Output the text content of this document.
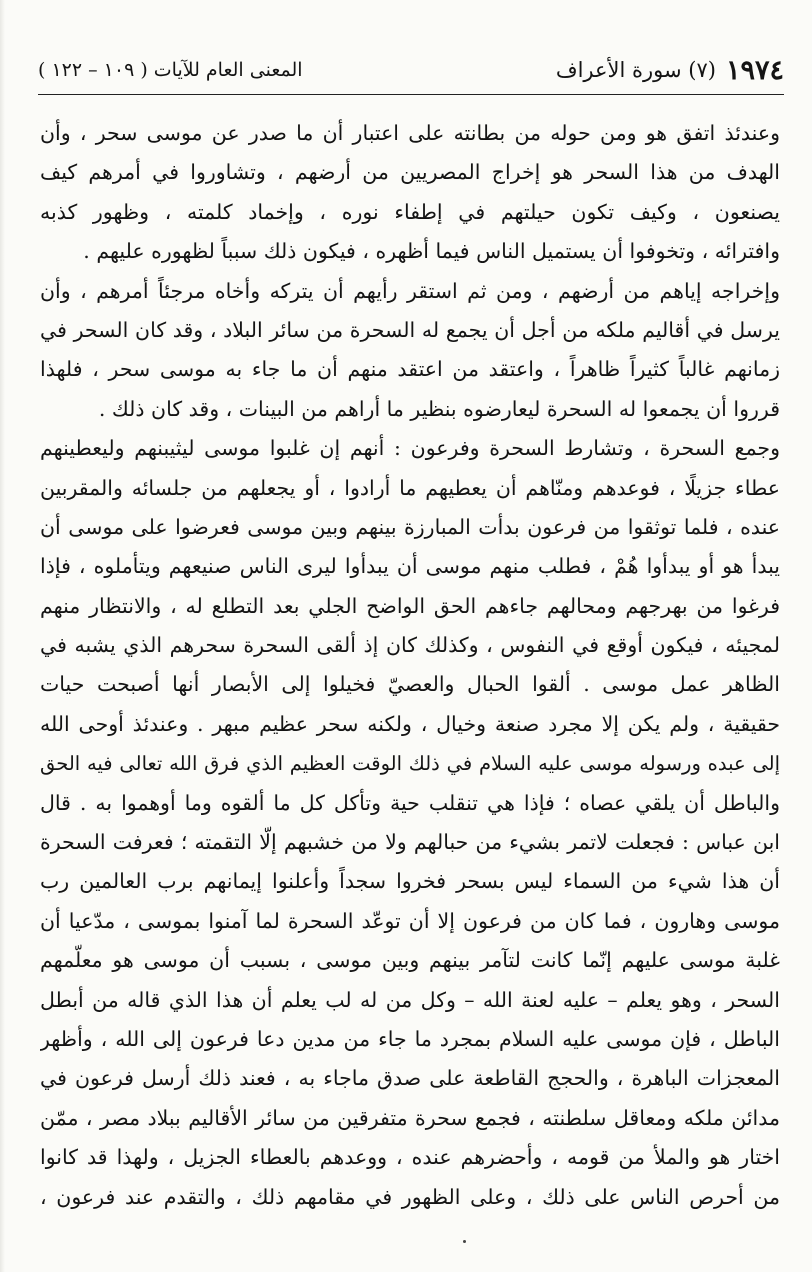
١٩٧٤
(٧) سورة الأعراف
المعنى العام للآيات ( ١٠٩ – ١٢٢ )
وعندئذ اتفق هو ومن حوله من بطانته على اعتبار أن ما صدر عن موسى سحر ، وأن
الهدف من هذا السحر هو إخراج المصريين من أرضهم ، وتشاوروا في أمرهم كيف
يصنعون ، وكيف تكون حيلتهم في إطفاء نوره ، وإخماد كلمته ، وظهور كذبه
وافترائه ، وتخوفوا أن يستميل الناس فيما أظهره ، فيكون ذلك سبباً لظهوره عليهم .
وإخراجه إياهم من أرضهم ، ومن ثم استقر رأيهم أن يتركه وأخاه مرجئاً أمرهم ، وأن
يرسل في أقاليم ملكه من أجل أن يجمع له السحرة من سائر البلاد ، وقد كان السحر في
زمانهم غالباً كثيراً ظاهراً ، واعتقد من اعتقد منهم أن ما جاء به موسى سحر ، فلهذا
قرروا أن يجمعوا له السحرة ليعارضوه بنظير ما أراهم من البينات ، وقد كان ذلك .
وجمع السحرة ، وتشارط السحرة وفرعون : أنهم إن غلبوا موسى ليثيبنهم وليعطينهم
عطاء جزيلًا ، فوعدهم ومنّاهم أن يعطيهم ما أرادوا ، أو يجعلهم من جلسائه والمقربين
عنده ، فلما توثقوا من فرعون بدأت المبارزة بينهم وبين موسى فعرضوا على موسى أن
يبدأ هو أو يبدأوا هُمْ ، فطلب منهم موسى أن يبدأوا ليرى الناس صنيعهم ويتأملوه ، فإذا
فرغوا من بهرجهم ومحالهم جاءهم الحق الواضح الجلي بعد التطلع له ، والانتظار منهم
لمجيئه ، فيكون أوقع في النفوس ، وكذلك كان إذ ألقى السحرة سحرهم الذي يشبه في
الظاهر عمل موسى . ألقوا الحبال والعصيّ فخيلوا إلى الأبصار أنها أصبحت حيات
حقيقية ، ولم يكن إلا مجرد صنعة وخيال ، ولكنه سحر عظيم مبهر . وعندئذ أوحى الله
إلى عبده ورسوله موسى عليه السلام في ذلك الوقت العظيم الذي فرق الله تعالى فيه الحق
والباطل أن يلقي عصاه ؛ فإذا هي تنقلب حية وتأكل كل ما ألقوه وما أوهموا به . قال
ابن عباس : فجعلت لاتمر بشيء من حبالهم ولا من خشبهم إلّا التقمته ؛ فعرفت السحرة
أن هذا شيء من السماء ليس بسحر فخروا سجداً وأعلنوا إيمانهم برب العالمين رب
موسى وهارون ، فما كان من فرعون إلا أن توعّد السحرة لما آمنوا بموسى ، مدّعيا أن
غلبة موسى عليهم إنّما كانت لتآمر بينهم وبين موسى ، بسبب أن موسى هو معلّمهم
السحر ، وهو يعلم – عليه لعنة الله – وكل من له لب يعلم أن هذا الذي قاله من أبطل
الباطل ، فإن موسى عليه السلام بمجرد ما جاء من مدين دعا فرعون إلى الله ، وأظهر
المعجزات الباهرة ، والحجج القاطعة على صدق ماجاء به ، فعند ذلك أرسل فرعون في
مدائن ملكه ومعاقل سلطنته ، فجمع سحرة متفرقين من سائر الأقاليم ببلاد مصر ، ممّن
اختار هو والملأ من قومه ، وأحضرهم عنده ، ووعدهم بالعطاء الجزيل ، ولهذا قد كانوا
من أحرص الناس على ذلك ، وعلى الظهور في مقامهم ذلك ، والتقدم عند فرعون ،
